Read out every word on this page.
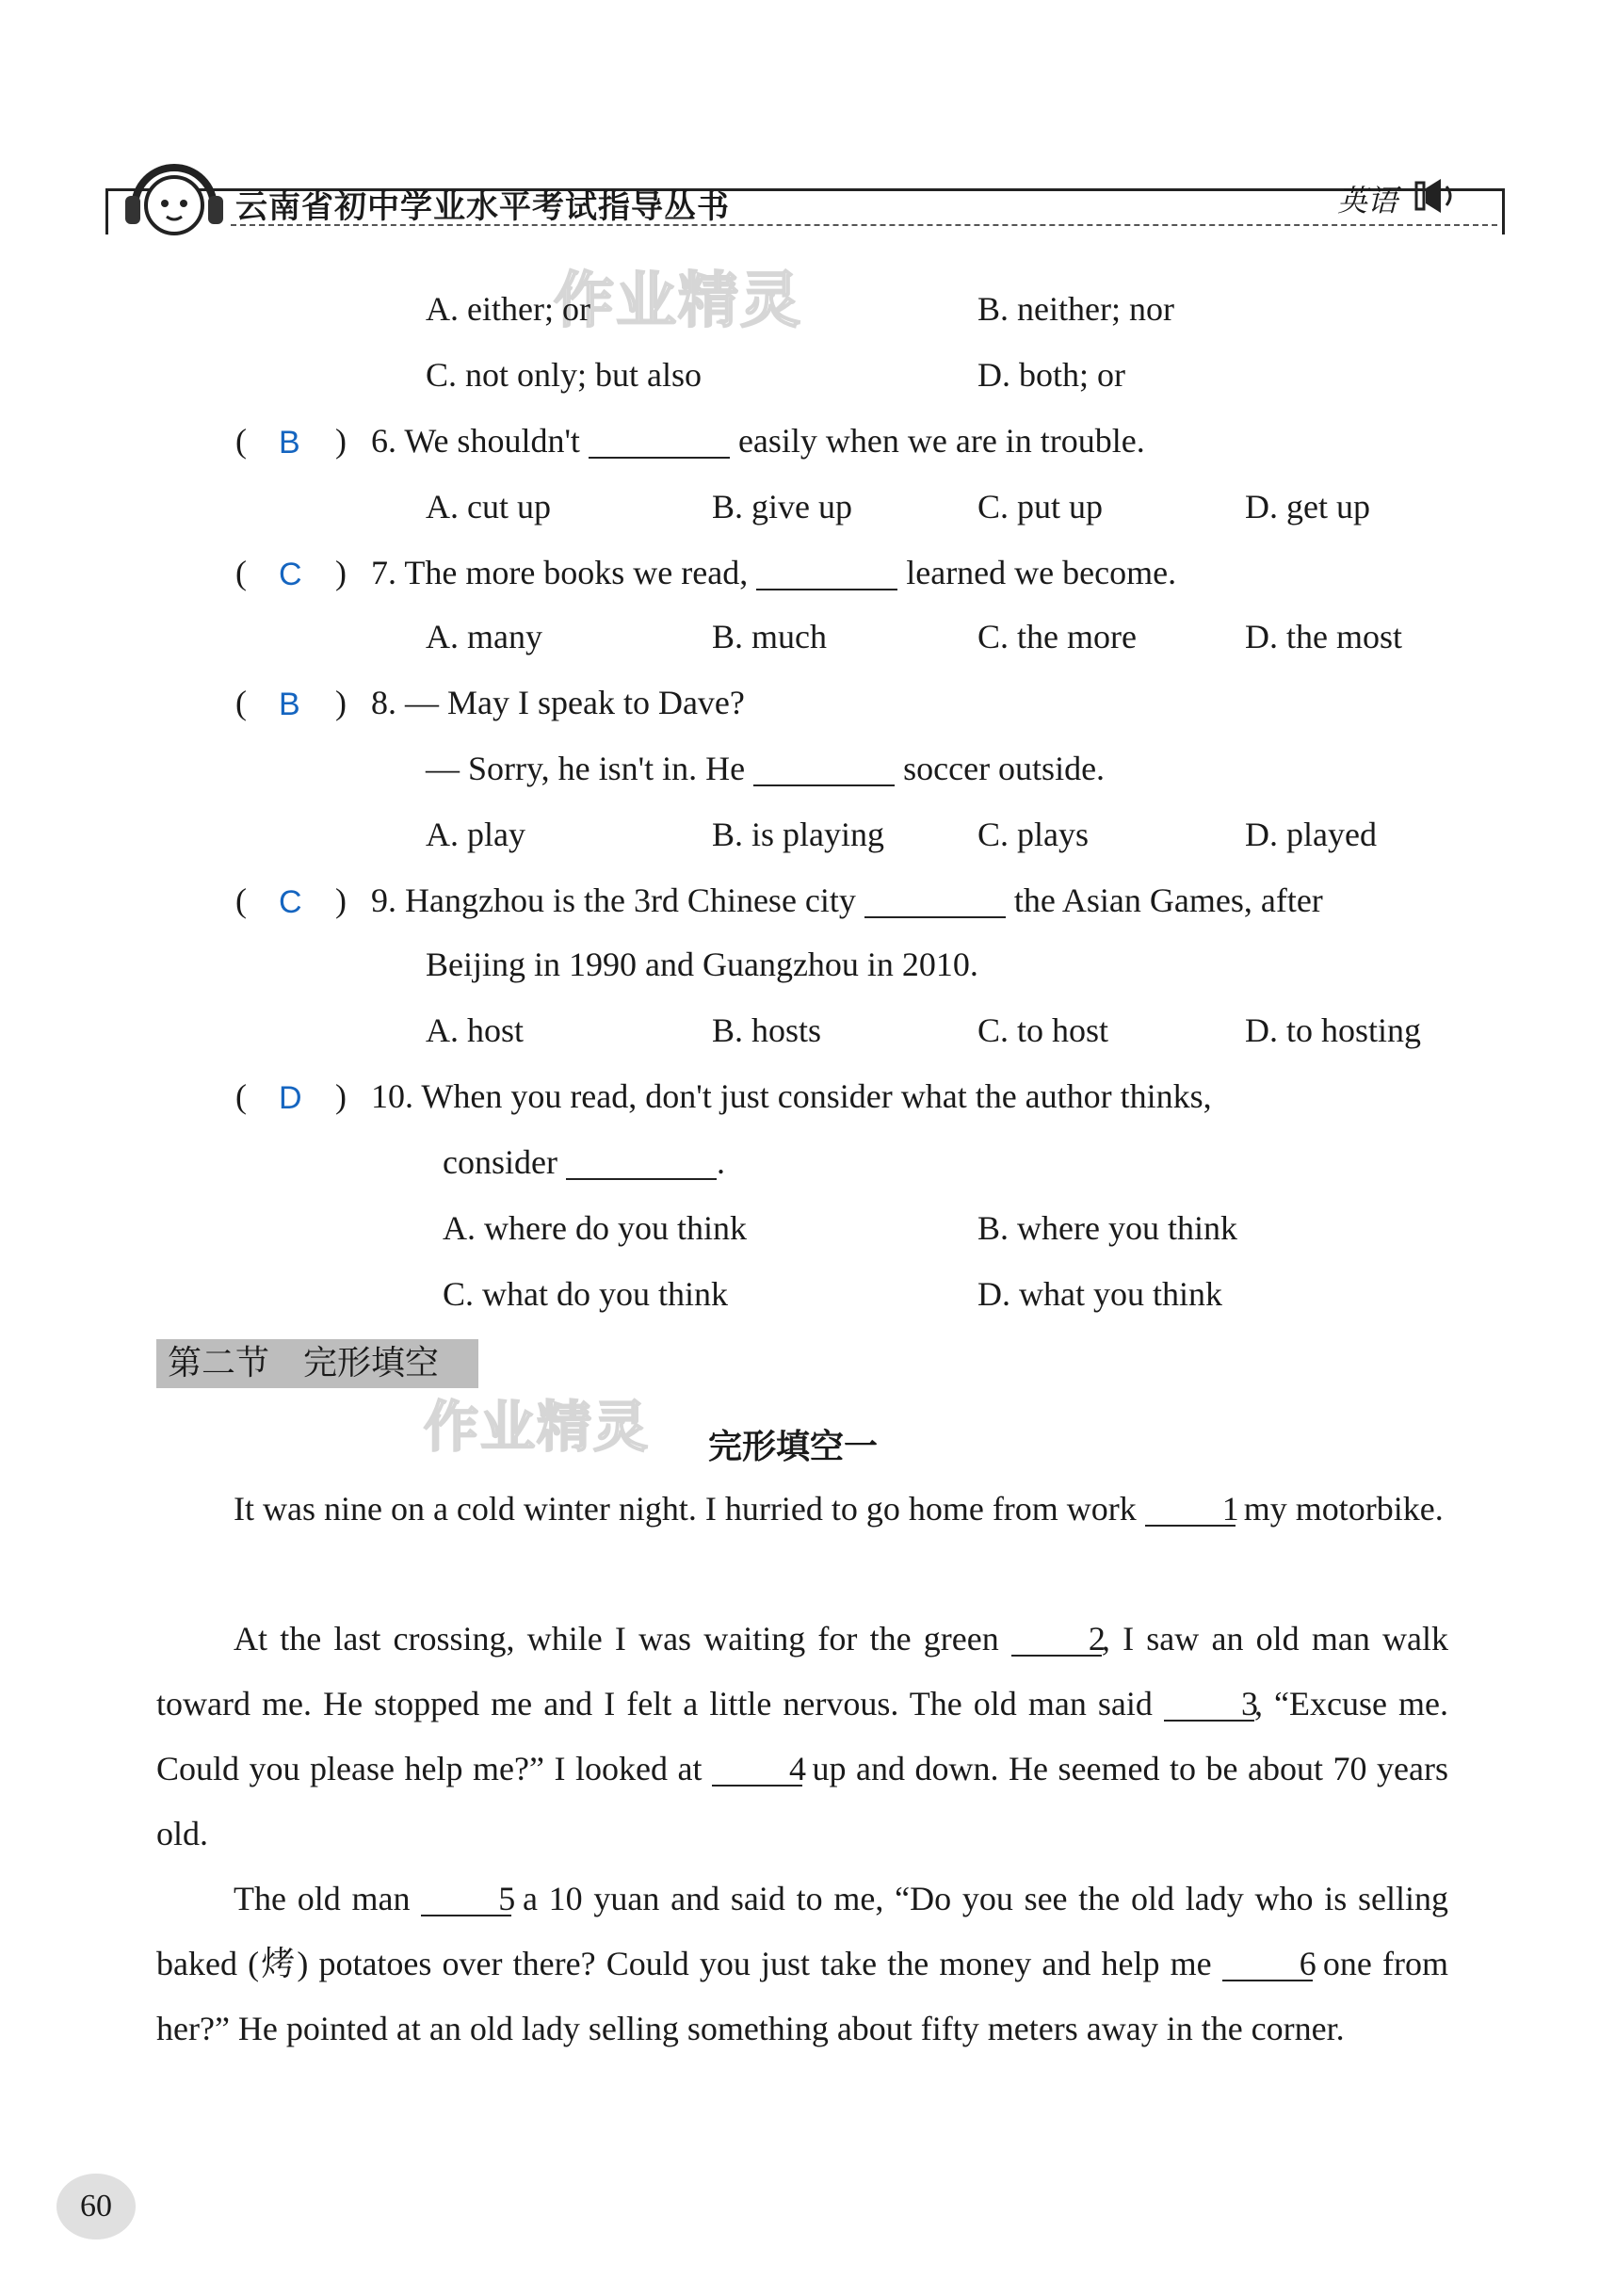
云南省初中学业水平考试指导丛书	英语
作业精灵
作业精灵
A. either; or	B. neither; nor
C. not only; but also	D. both; or
( B ) 6. We shouldn't	easily when we are in trouble.
A. cut up	B. give up	C. put up	D. get up
( C ) 7. The more books we read,	learned we become.
A. many	B. much	C. the more	D. the most
( B ) 8. — May I speak to Dave?
— Sorry, he isn't in. He	soccer outside.
A. play	B. is playing	C. plays	D. played
( C ) 9. Hangzhou is the 3rd Chinese city	the Asian Games, after
Beijing in 1990 and Guangzhou in 2010.
A. host	B. hosts	C. to host	D. to hosting
( D ) 10. When you read, don't just consider what the author thinks,
consider	.
A. where do you think	B. where you think
C. what do you think	D. what you think
第二节　完形填空
完形填空一
It was nine on a cold winter night. I hurried to go home from work 1 my motorbike.
At the last crossing, while I was waiting for the green 2, I saw an old man walk toward me. He stopped me and I felt a little nervous. The old man said 3, “Excuse me. Could you please help me?” I looked at 4 up and down. He seemed to be about 70 years old.
The old man 5 a 10 yuan and said to me, “Do you see the old lady who is selling baked (烤) potatoes over there? Could you just take the money and help me 6 one from her?” He pointed at an old lady selling something about fifty meters away in the corner.
60
